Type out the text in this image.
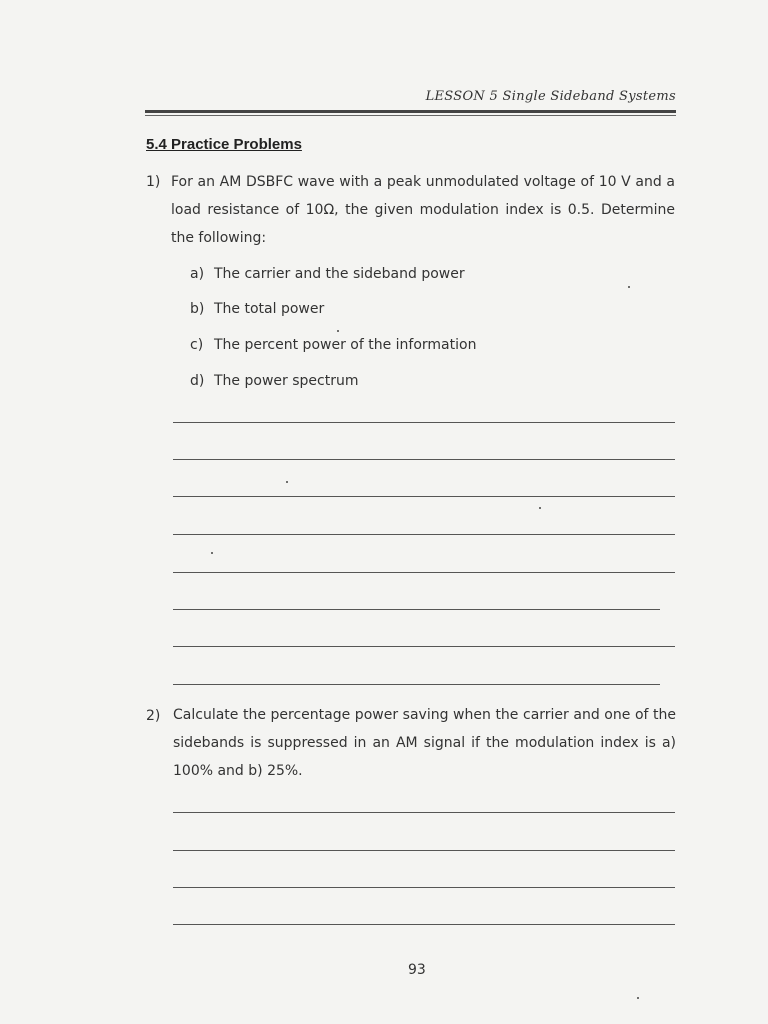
LESSON 5 Single Sideband Systems
5.4 Practice Problems
1) For an AM DSBFC wave with a peak unmodulated voltage of 10 V and a load resistance of 10Ω, the given modulation index is 0.5. Determine the following:
a) The carrier and the sideband power
b) The total power
c) The percent power of the information
d) The power spectrum
2) Calculate the percentage power saving when the carrier and one of the sidebands is suppressed in an AM signal if the modulation index is a) 100% and b) 25%.
93
